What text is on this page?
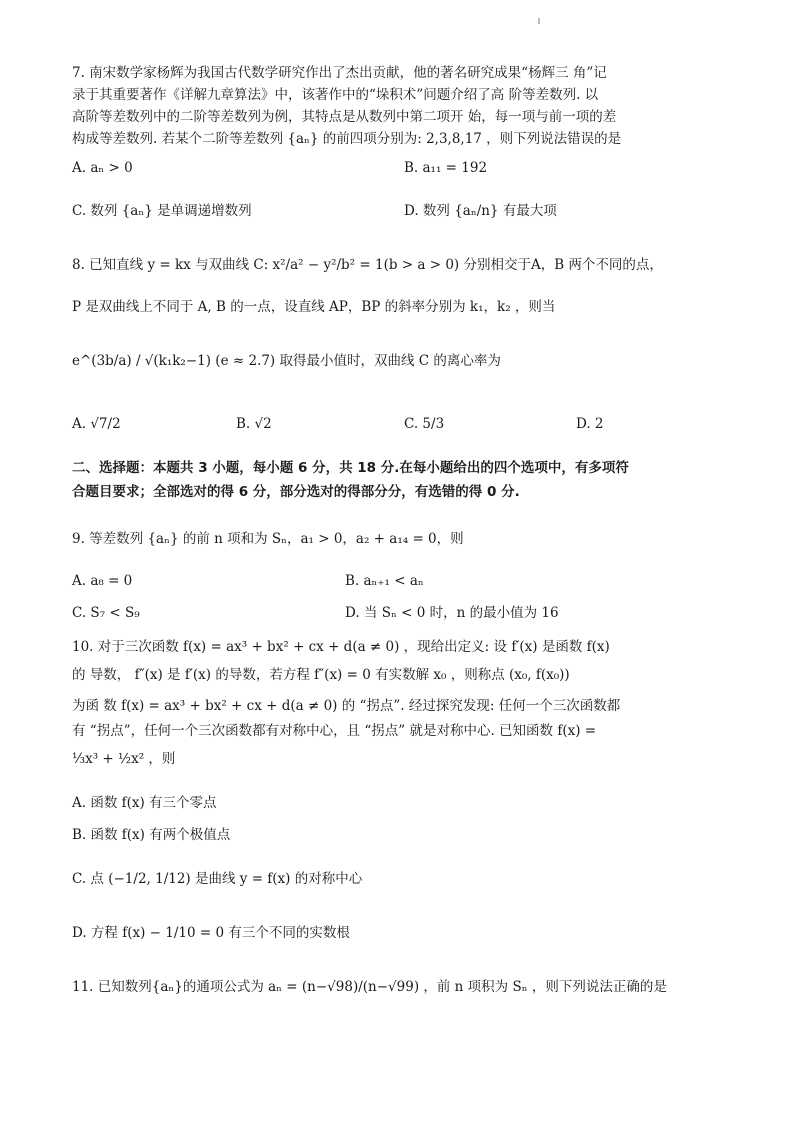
7. 南宋数学家杨辉为我国古代数学研究作出了杰出贡献，他的著名研究成果“杨辉三 角”记
录于其重要著作《详解九章算法》中，该著作中的“垛积术”问题介绍了高 阶等差数列. 以
高阶等差数列中的二阶等差数列为例，其特点是从数列中第二项开 始，每一项与前一项的差
构成等差数列. 若某个二阶等差数列 {aₙ} 的前四项分别为: 2,3,8,17 ，则下列说法错误的是
A. aₙ > 0	B. a₁₁ = 192
C. 数列 {aₙ} 是单调递增数列	D. 数列 {aₙ/n} 有最大项
8. 已知直线 y = kx 与双曲线 C: x²/a² − y²/b² = 1(b > a > 0) 分别相交于A，B 两个不同的点，
P 是双曲线上不同于 A, B 的一点，设直线 AP，BP 的斜率分别为 k₁，k₂ ，则当
e^(3b/a) / √(k₁k₂−1) (e ≈ 2.7) 取得最小值时，双曲线 C 的离心率为
A. √7/2	B. √2	C. 5/3	D. 2
二、选择题：本题共 3 小题，每小题 6 分，共 18 分.在每小题给出的四个选项中，有多项符
合题目要求；全部选对的得 6 分，部分选对的得部分分，有选错的得 0 分.
9. 等差数列 {aₙ} 的前 n 项和为 Sₙ，a₁ > 0，a₂ + a₁₄ = 0，则
A. a₈ = 0	B. aₙ₊₁ < aₙ
C. S₇ < S₉	D. 当 Sₙ < 0 时，n 的最小值为 16
10. 对于三次函数 f(x) = ax³ + bx² + cx + d(a ≠ 0) ，现给出定义: 设 f′(x) 是函数 f(x)
的 导数， f″(x) 是 f′(x) 的导数，若方程 f″(x) = 0 有实数解 x₀ ，则称点 (x₀, f(x₀))
为函 数 f(x) = ax³ + bx² + cx + d(a ≠ 0) 的 “拐点”. 经过探究发现: 任何一个三次函数都
有 “拐点”，任何一个三次函数都有对称中心，且 “拐点” 就是对称中心. 已知函数 f(x) =
⅓x³ + ½x² ，则
A. 函数 f(x) 有三个零点
B. 函数 f(x) 有两个极值点
C. 点 (−1/2, 1/12) 是曲线 y = f(x) 的对称中心
D. 方程 f(x) − 1/10 = 0 有三个不同的实数根
11. 已知数列{aₙ}的通项公式为 aₙ = (n−√98)/(n−√99) ，前 n 项积为 Sₙ ，则下列说法正确的是
